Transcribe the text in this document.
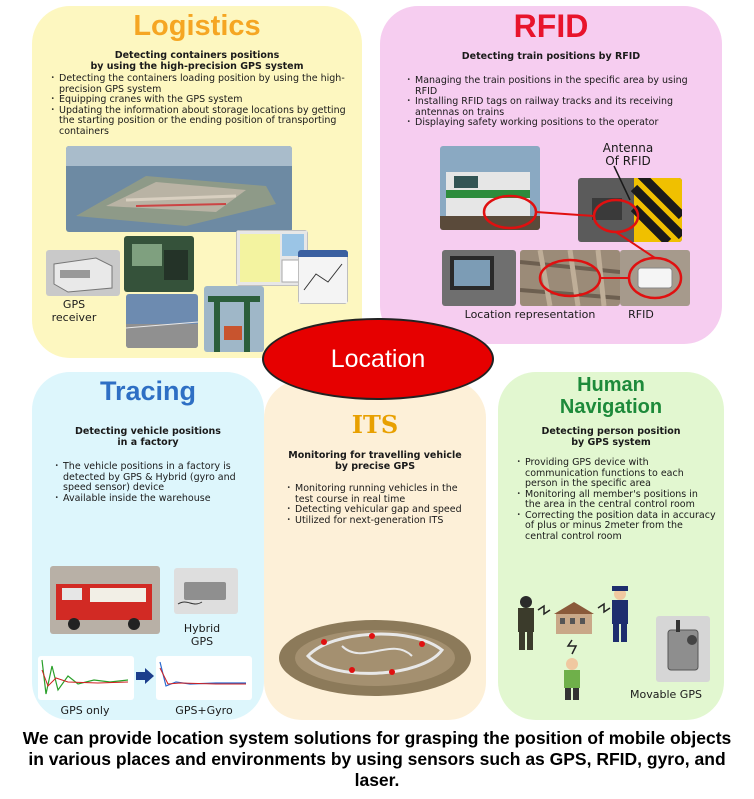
Logistics
Detecting containers positions
by using the high-precision GPS system
・ Detecting the containers loading position by using the high-precision GPS system
・ Equipping cranes with the GPS system
・ Updating the information about storage locations by getting the starting position or the ending position of transporting containers
GPS
receiver
RFID
Detecting train positions by RFID
・ Managing the train positions in the specific area by using RFID
・ Installing RFID tags on railway tracks and its receiving antennas on trains
・ Displaying safety working positions to the operator
Antenna
Of RFID
Location representation	RFID
Tracing
Detecting vehicle positions
in a factory
・ The vehicle positions in a factory is detected by GPS & Hybrid (gyro and speed sensor) device
・ Available inside the warehouse
Hybrid
GPS
GPS only	GPS+Gyro
ITS
Monitoring for travelling vehicle
by precise GPS
・ Monitoring running vehicles in the test course in real time
・ Detecting vehicular gap and speed
・ Utilized for next-generation ITS
Human
Navigation
Detecting person position
by GPS system
・ Providing GPS device with communication functions to each person in the specific area
・ Monitoring all member's positions in the area in the central control room
・ Correcting the position data in accuracy of plus or minus 2meter from the central control room
Movable GPS
Location
We can provide location system solutions for grasping the position of mobile objects in various places and environments by using sensors such as GPS, RFID, gyro, and laser.
